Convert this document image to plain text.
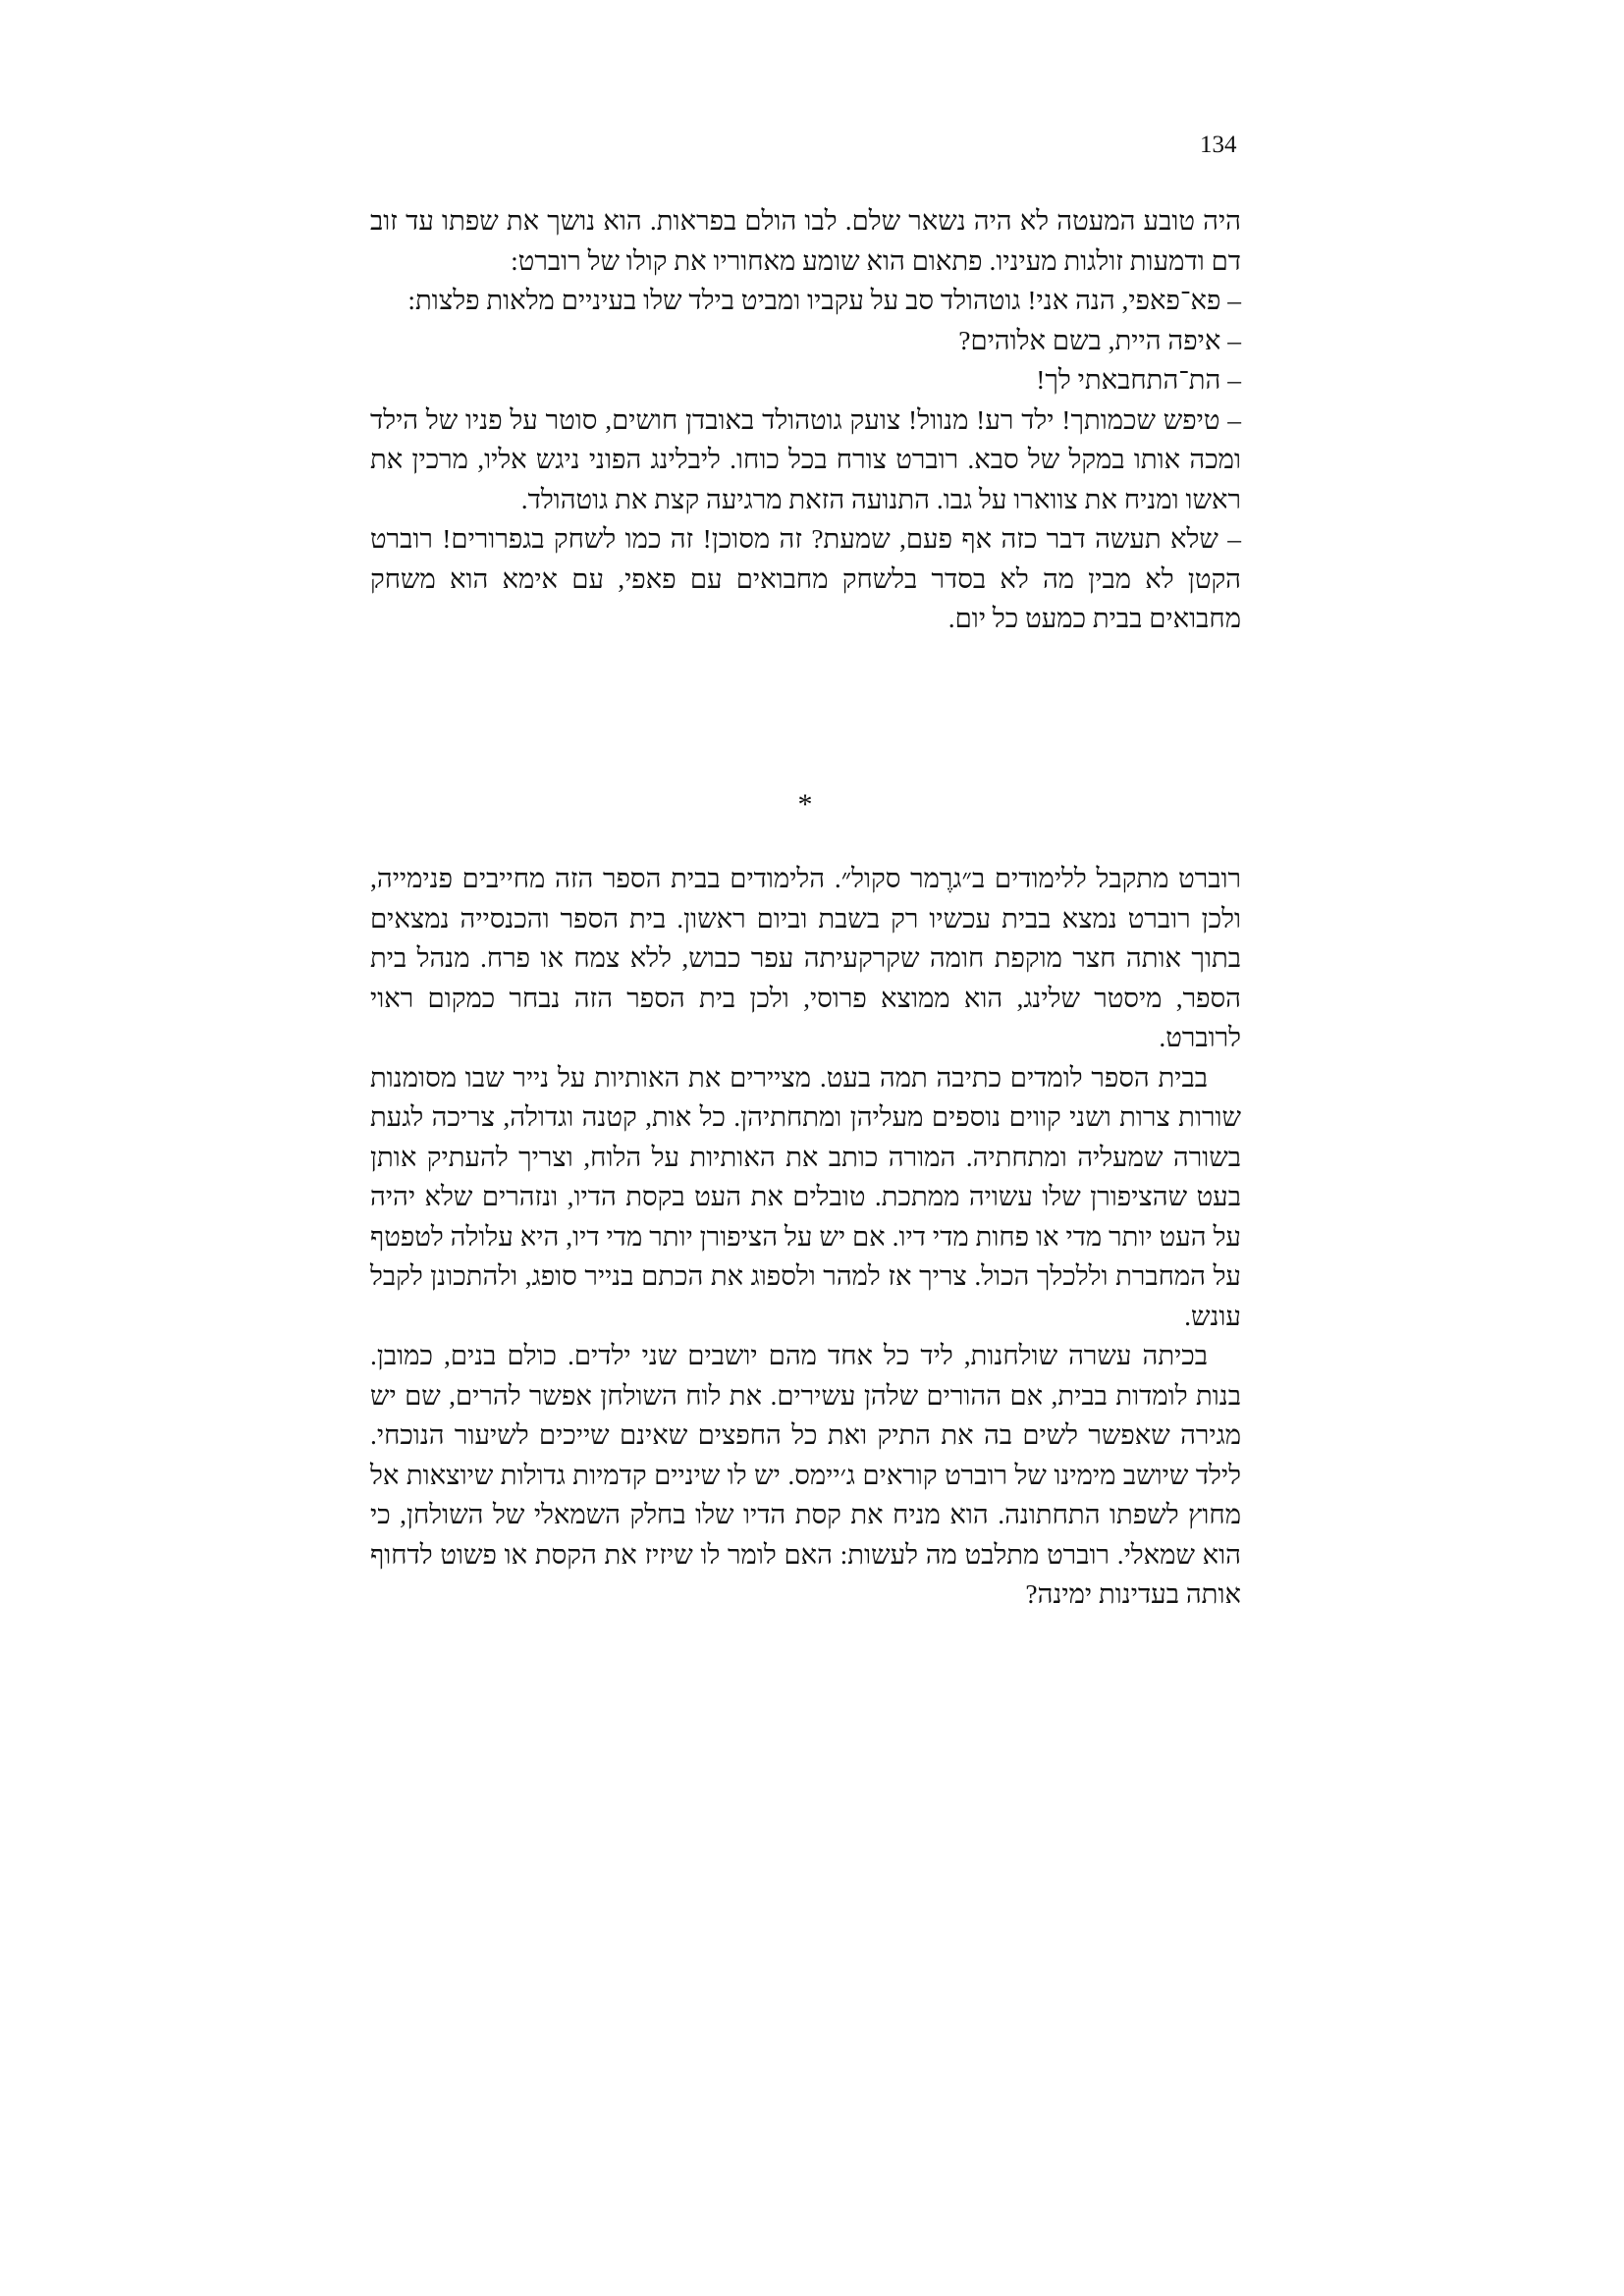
134

היה טובע המעטה לא היה נשאר שלם. לבו הולם בפראות. הוא נושך את שפתו עד זוב דם ודמעות זולגות מעיניו. פתאום הוא שומע מאחוריו את קולו של רוברט:

– פא־פאפי, הנה אני! גוטהולד סב על עקביו ומביט בילד שלו בעיניים מלאות פלצות:

– איפה היית, בשם אלוהים?

– הת־התחבאתי לך!

– טיפש שכמותך! ילד רע! מנוול! צועק גוטהולד באובדן חושים, סוטר על פניו של הילד ומכה אותו במקל של סבא. רוברט צורח בכל כוחו. ליבלינג הפוני ניגש אליו, מרכין את ראשו ומניח את צווארו על גבו. התנועה הזאת מרגיעה קצת את גוטהולד.

– שלא תעשה דבר כזה אף פעם, שמעת? זה מסוכן! זה כמו לשחק בגפרורים! רוברט הקטן לא מבין מה לא בסדר בלשחק מחבואים עם פאפי, עם אימא הוא משחק מחבואים בבית כמעט כל יום.

*

רוברט מתקבל ללימודים ב״גרֶמר סקול״. הלימודים בבית הספר הזה מחייבים פנימייה, ולכן רוברט נמצא בבית עכשיו רק בשבת וביום ראשון. בית הספר והכנסייה נמצאים בתוך אותה חצר מוקפת חומה שקרקעיתה עפר כבוש, ללא צמח או פרח. מנהל בית הספר, מיסטר שלינג, הוא ממוצא פרוסי, ולכן בית הספר הזה נבחר כמקום ראוי לרוברט.

בבית הספר לומדים כתיבה תמה בעט. מציירים את האותיות על נייר שבו מסומנות שורות צרות ושני קווים נוספים מעליהן ומתחתיהן. כל אות, קטנה וגדולה, צריכה לגעת בשורה שמעליה ומתחתיה. המורה כותב את האותיות על הלוח, וצריך להעתיק אותן בעט שהציפורן שלו עשויה ממתכת. טובלים את העט בקסת הדיו, ונזהרים שלא יהיה על העט יותר מדי או פחות מדי דיו. אם יש על הציפורן יותר מדי דיו, היא עלולה לטפטף על המחברת וללכלך הכול. צריך אז למהר ולספוג את הכתם בנייר סופג, ולהתכונן לקבל עונש.

בכיתה עשרה שולחנות, ליד כל אחד מהם יושבים שני ילדים. כולם בנים, כמובן. בנות לומדות בבית, אם ההורים שלהן עשירים. את לוח השולחן אפשר להרים, שם יש מגירה שאפשר לשים בה את התיק ואת כל החפצים שאינם שייכים לשיעור הנוכחי. לילד שיושב מימינו של רוברט קוראים ג׳יימס. יש לו שיניים קדמיות גדולות שיוצאות אל מחוץ לשפתו התחתונה. הוא מניח את קסת הדיו שלו בחלק השמאלי של השולחן, כי הוא שמאלי. רוברט מתלבט מה לעשות: האם לומר לו שיזיז את הקסת או פשוט לדחוף אותה בעדינות ימינה?
